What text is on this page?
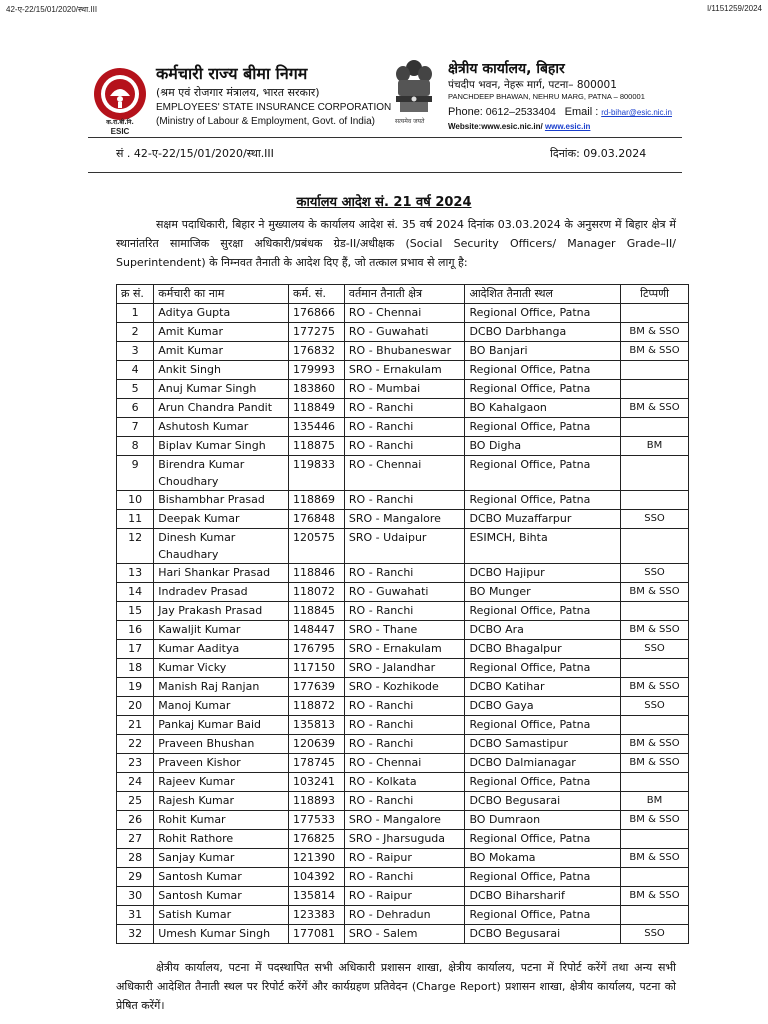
42-ए-22/15/01/2020/स्था.III	I/1151259/2024
क.रा.बी.नि.
ESIC
कर्मचारी राज्य बीमा निगम
(श्रम एवं रोजगार मंत्रालय, भारत सरकार)
EMPLOYEES' STATE INSURANCE CORPORATION
(Ministry of Labour & Employment, Govt. of India)	सत्यमेव जयते
क्षेत्रीय कार्यालय, बिहार
पंचदीप भवन, नेहरू मार्ग, पटना– 800001
PANCHDEEP BHAWAN, NEHRU MARG, PATNA – 800001
Phone: 0612–2533404 Email : rd-bihar@esic.nic.in
Website:www.esic.nic.in/ www.esic.in
सं . 42-ए-22/15/01/2020/स्था.III	दिनांक: 09.03.2024
कार्यालय आदेश सं. 21 वर्ष 2024
सक्षम पदाधिकारी, बिहार ने मुख्यालय के कार्यालय आदेश सं. 35 वर्ष 2024 दिनांक 03.03.2024 के अनुसरण में बिहार क्षेत्र में स्थानांतरित सामाजिक सुरक्षा अधिकारी/प्रबंधक ग्रेड-II/अधीक्षक (Social Security Officers/ Manager Grade–II/ Superintendent) के निम्नवत तैनाती के आदेश दिए हैं, जो तत्काल प्रभाव से लागू है:
क्र सं.	कर्मचारी का नाम	कर्म. सं.	वर्तमान तैनाती क्षेत्र	आदेशित तैनाती स्थल	टिप्पणी
1	Aditya Gupta	176866	RO - Chennai	Regional Office, Patna	
2	Amit Kumar	177275	RO - Guwahati	DCBO Darbhanga	BM & SSO
3	Amit Kumar	176832	RO - Bhubaneswar	BO Banjari	BM & SSO
4	Ankit Singh	179993	SRO - Ernakulam	Regional Office, Patna	
5	Anuj Kumar Singh	183860	RO - Mumbai	Regional Office, Patna	
6	Arun Chandra Pandit	118849	RO - Ranchi	BO Kahalgaon	BM & SSO
7	Ashutosh Kumar	135446	RO - Ranchi	Regional Office, Patna	
8	Biplav Kumar Singh	118875	RO - Ranchi	BO Digha	BM
9	Birendra Kumar Choudhary	119833	RO - Chennai	Regional Office, Patna	
10	Bishambhar Prasad	118869	RO - Ranchi	Regional Office, Patna	
11	Deepak Kumar	176848	SRO - Mangalore	DCBO Muzaffarpur	SSO
12	Dinesh Kumar Chaudhary	120575	SRO - Udaipur	ESIMCH, Bihta	
13	Hari Shankar Prasad	118846	RO - Ranchi	DCBO Hajipur	SSO
14	Indradev Prasad	118072	RO - Guwahati	BO Munger	BM & SSO
15	Jay Prakash Prasad	118845	RO - Ranchi	Regional Office, Patna	
16	Kawaljit Kumar	148447	SRO - Thane	DCBO Ara	BM & SSO
17	Kumar Aaditya	176795	SRO - Ernakulam	DCBO Bhagalpur	SSO
18	Kumar Vicky	117150	SRO - Jalandhar	Regional Office, Patna	
19	Manish Raj Ranjan	177639	SRO - Kozhikode	DCBO Katihar	BM & SSO
20	Manoj Kumar	118872	RO - Ranchi	DCBO Gaya	SSO
21	Pankaj Kumar Baid	135813	RO - Ranchi	Regional Office, Patna	
22	Praveen Bhushan	120639	RO - Ranchi	DCBO Samastipur	BM & SSO
23	Praveen Kishor	178745	RO - Chennai	DCBO Dalmianagar	BM & SSO
24	Rajeev Kumar	103241	RO - Kolkata	Regional Office, Patna	
25	Rajesh Kumar	118893	RO - Ranchi	DCBO Begusarai	BM
26	Rohit Kumar	177533	SRO - Mangalore	BO Dumraon	BM & SSO
27	Rohit Rathore	176825	SRO - Jharsuguda	Regional Office, Patna	
28	Sanjay Kumar	121390	RO - Raipur	BO Mokama	BM & SSO
29	Santosh Kumar	104392	RO - Ranchi	Regional Office, Patna	
30	Santosh Kumar	135814	RO - Raipur	DCBO Biharsharif	BM & SSO
31	Satish Kumar	123383	RO - Dehradun	Regional Office, Patna	
32	Umesh Kumar Singh	177081	SRO - Salem	DCBO Begusarai	SSO
क्षेत्रीय कार्यालय, पटना में पदस्थापित सभी अधिकारी प्रशासन शाखा, क्षेत्रीय कार्यालय, पटना में रिपोर्ट करेंगें तथा अन्य सभी अधिकारी आदेशित तैनाती स्थल पर रिपोर्ट करेंगें और कार्यग्रहण प्रतिवेदन (Charge Report) प्रशासन शाखा, क्षेत्रीय कार्यालय, पटना को प्रेषित करेंगें।
